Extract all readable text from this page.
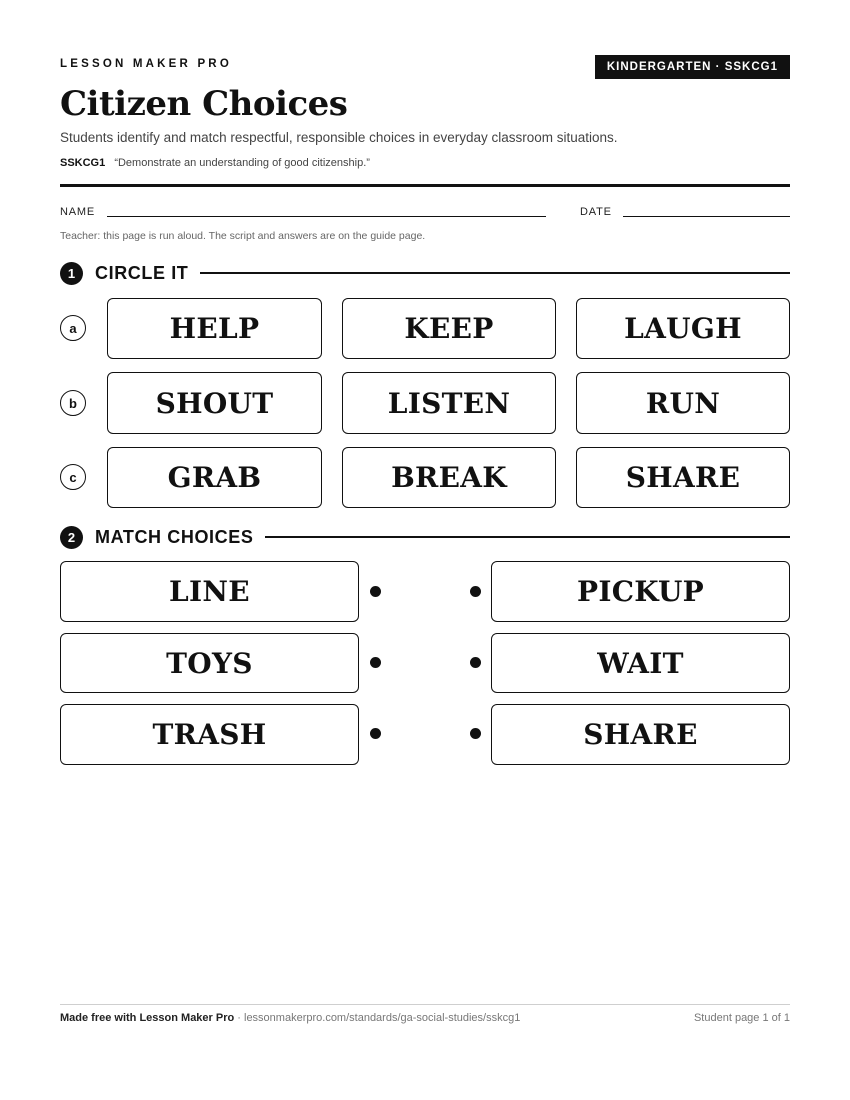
LESSON MAKER PRO	KINDERGARTEN · SSKCG1
Citizen Choices
Students identify and match respectful, responsible choices in everyday classroom situations.
SSKCG1 “Demonstrate an understanding of good citizenship.”
NAME	DATE
Teacher: this page is run aloud. The script and answers are on the guide page.
1	CIRCLE IT
a	HELP	KEEP	LAUGH
b	SHOUT	LISTEN	RUN
c	GRAB	BREAK	SHARE
2	MATCH CHOICES
LINE	PICKUP
TOYS	WAIT
TRASH	SHARE
Made free with Lesson Maker Pro · lessonmakerpro.com/standards/ga-social-studies/sskcg1	Student page 1 of 1
